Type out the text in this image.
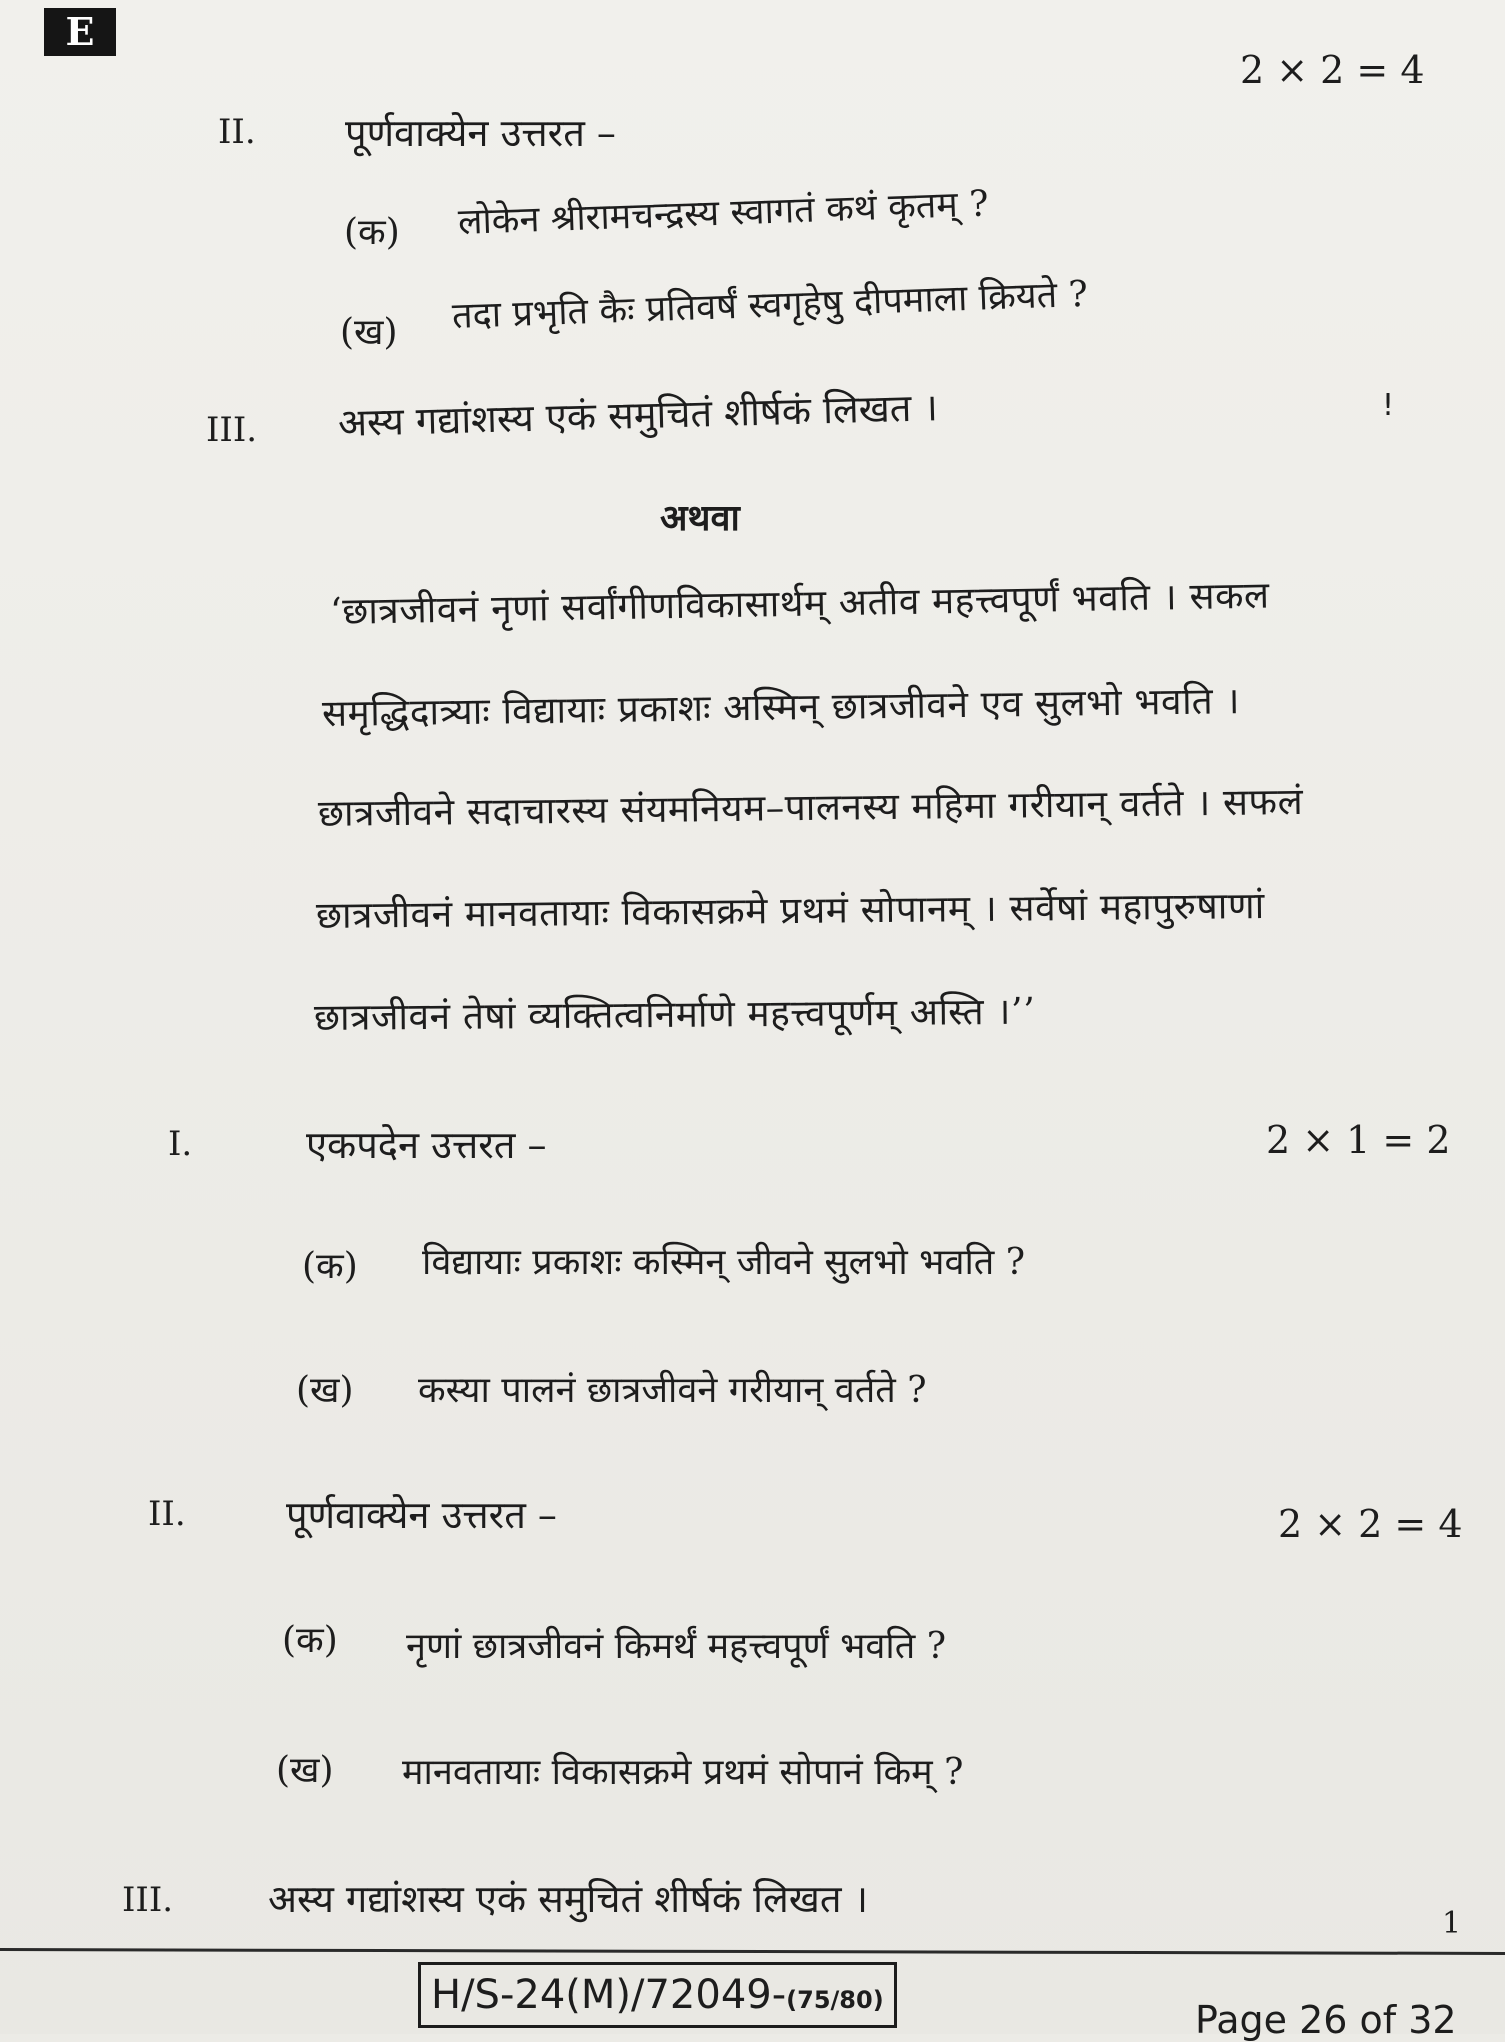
E
2 × 2 = 4
II. पूर्णवाक्येन उत्तरत –
(क) लोकेन श्रीरामचन्द्रस्य स्वागतं कथं कृतम् ?
(ख) तदा प्रभृति कैः प्रतिवर्षं स्वगृहेषु दीपमाला क्रियते ?
III. अस्य गद्यांशस्य एकं समुचितं शीर्षकं लिखत ।	!
अथवा
‘छात्रजीवनं नृणां सर्वांगीणविकासार्थम् अतीव महत्त्वपूर्णं भवति । सकल
समृद्धिदात्र्याः विद्यायाः प्रकाशः अस्मिन् छात्रजीवने एव सुलभो भवति ।
छात्रजीवने सदाचारस्य संयमनियम–पालनस्य महिमा गरीयान् वर्तते । सफलं
छात्रजीवनं मानवतायाः विकासक्रमे प्रथमं सोपानम् । सर्वेषां महापुरुषाणां
छात्रजीवनं तेषां व्यक्तित्वनिर्माणे महत्त्वपूर्णम् अस्ति ।’’
I.	एकपदेन उत्तरत –	2 × 1 = 2
(क) विद्यायाः प्रकाशः कस्मिन् जीवने सुलभो भवति ?
(ख) कस्या पालनं छात्रजीवने गरीयान् वर्तते ?
II.	पूर्णवाक्येन उत्तरत –	2 × 2 = 4
(क) नृणां छात्रजीवनं किमर्थं महत्त्वपूर्णं भवति ?
(ख) मानवतायाः विकासक्रमे प्रथमं सोपानं किम् ?
III. अस्य गद्यांशस्य एकं समुचितं शीर्षकं लिखत ।
1
H/S-24(M)/72049-(75/80)	Page 26 of 32
